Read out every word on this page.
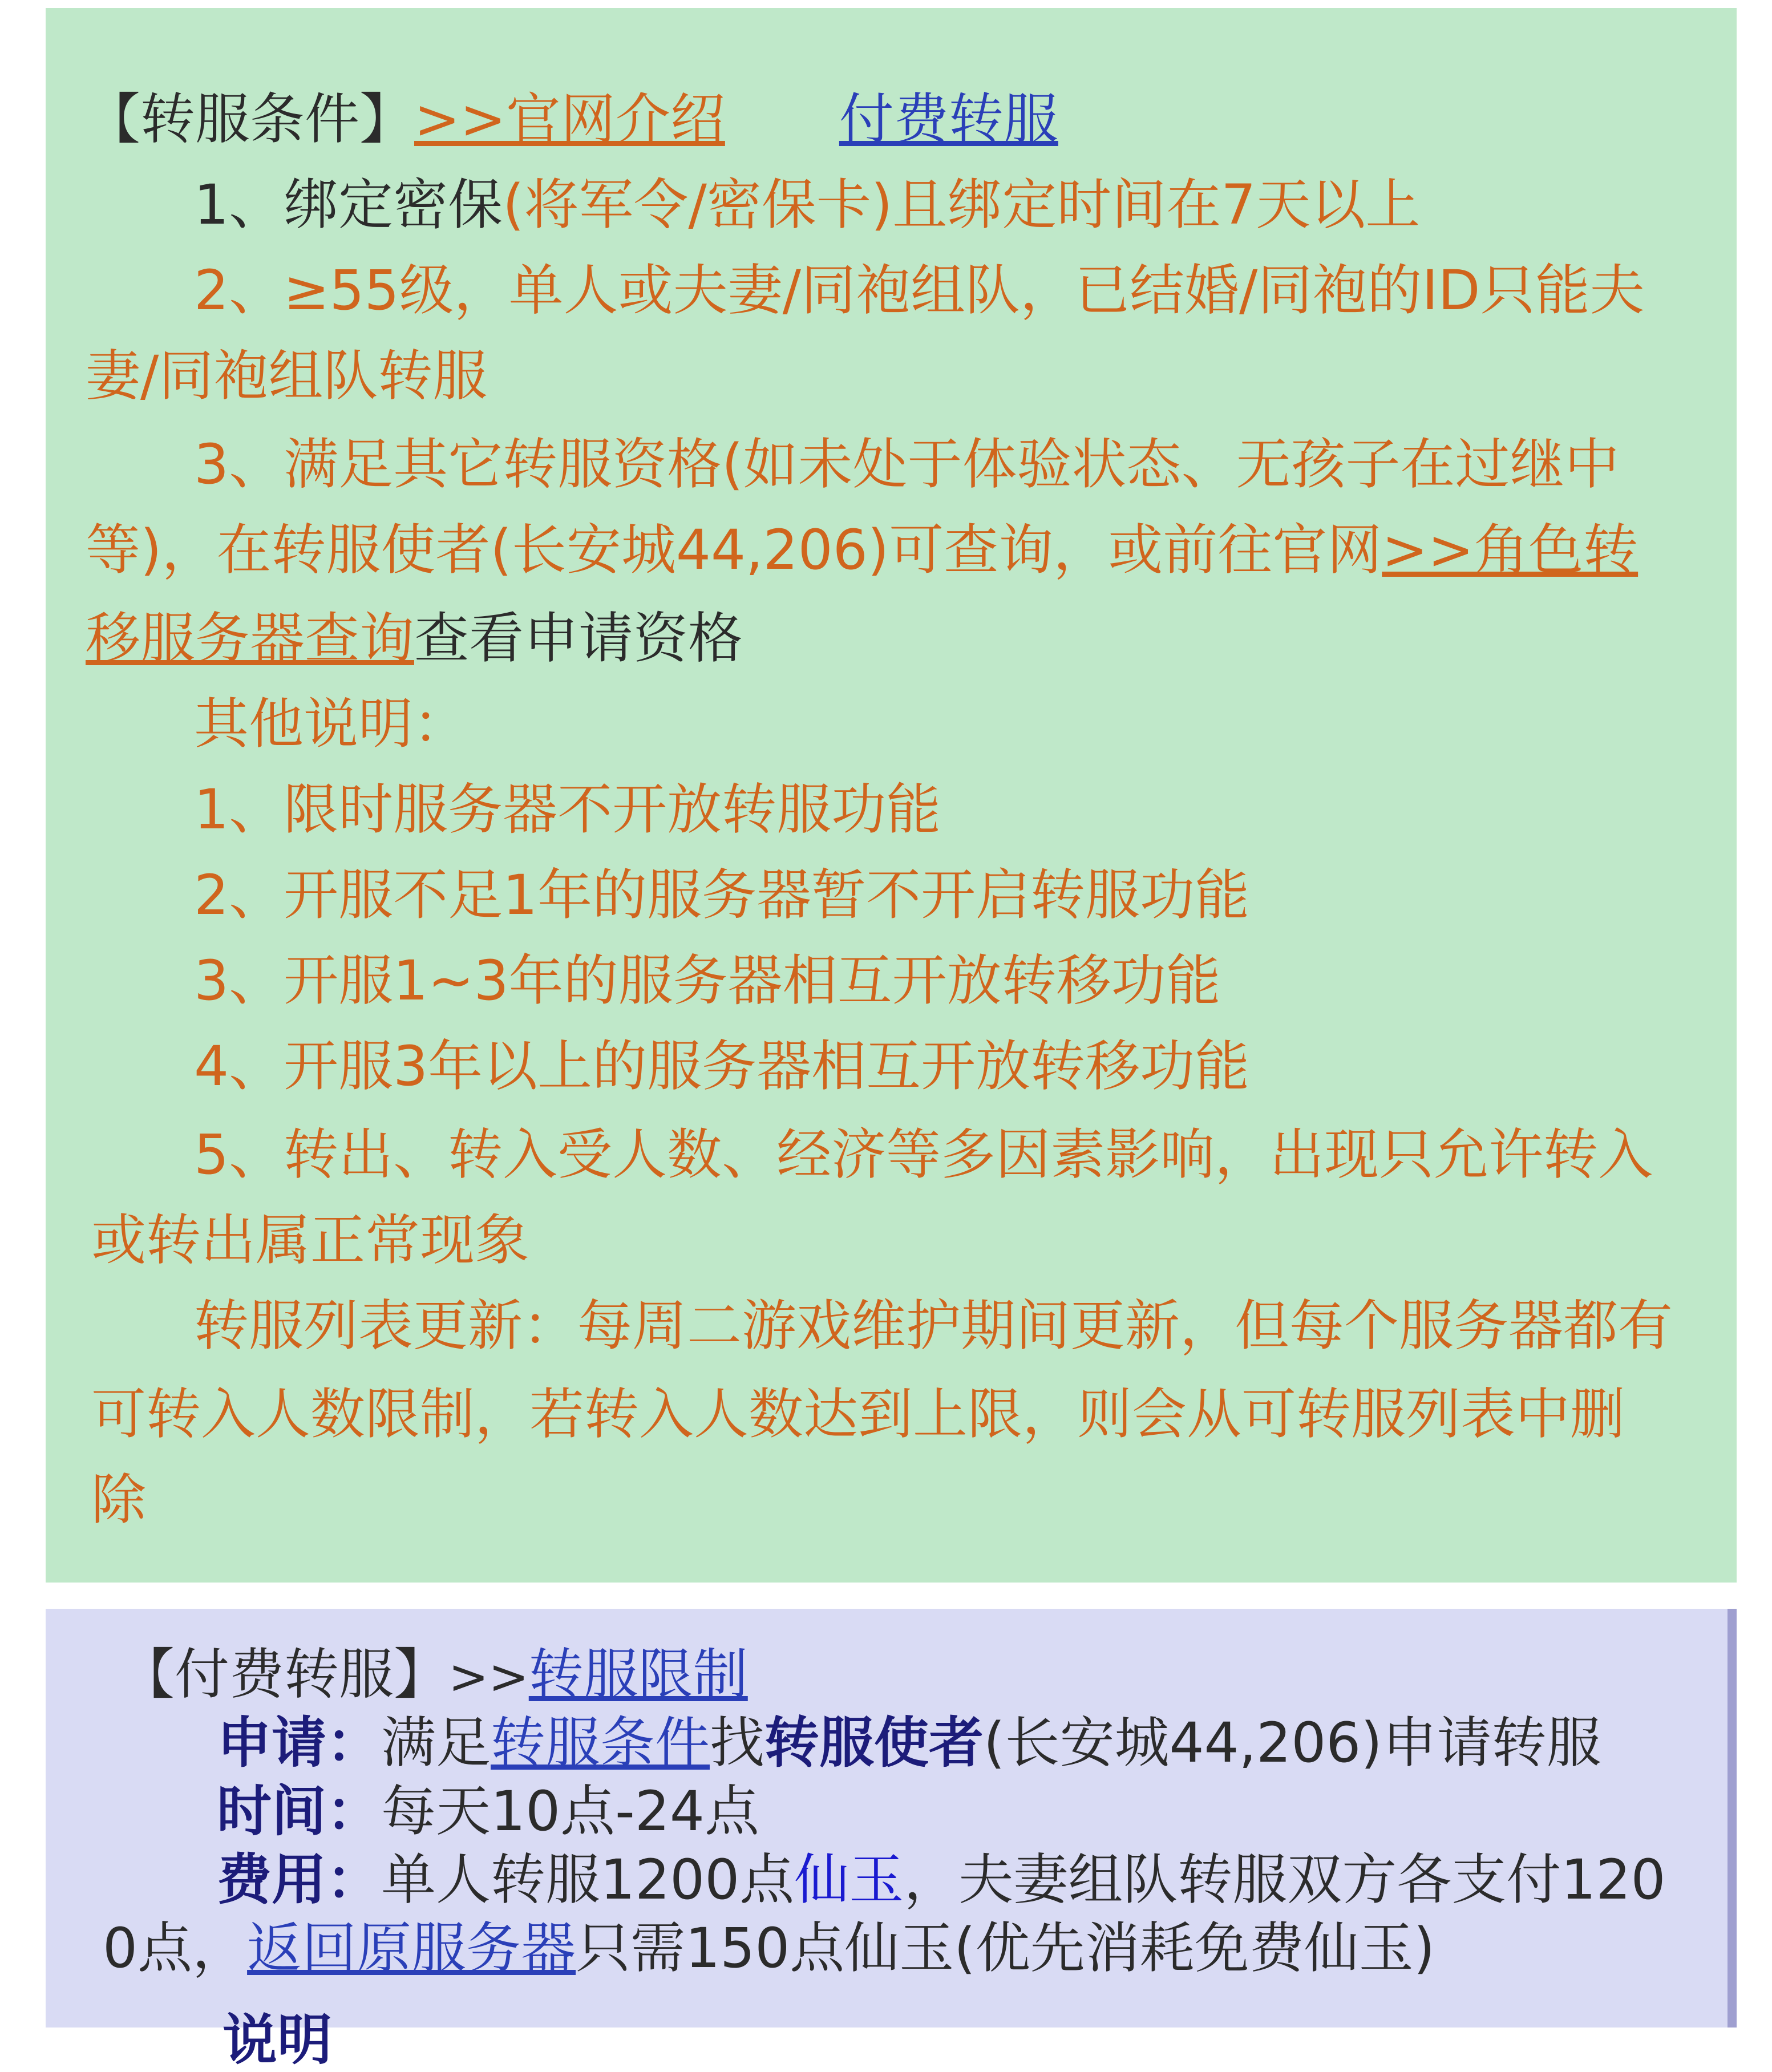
【转服条件】>>官网介绍 付费转服
1、绑定密保(将军令/密保卡)且绑定时间在7天以上
2、≥55级，单人或夫妻/同袍组队，已结婚/同袍的ID只能夫
妻/同袍组队转服
3、满足其它转服资格(如未处于体验状态、无孩子在过继中
等)，在转服使者(长安城44,206)可查询，或前往官网>>角色转
移服务器查询查看申请资格
其他说明：
1、限时服务器不开放转服功能
2、开服不足1年的服务器暂不开启转服功能
3、开服1~3年的服务器相互开放转移功能
4、开服3年以上的服务器相互开放转移功能
5、转出、转入受人数、经济等多因素影响，出现只允许转入
或转出属正常现象
转服列表更新：每周二游戏维护期间更新，但每个服务器都有
可转入人数限制，若转入人数达到上限，则会从可转服列表中删
除
【付费转服】>>转服限制
申请：满足转服条件找转服使者(长安城44,206)申请转服
时间：每天10点-24点
费用：单人转服1200点仙玉，夫妻组队转服双方各支付120
0点，返回原服务器只需150点仙玉(优先消耗免费仙玉)
说明
